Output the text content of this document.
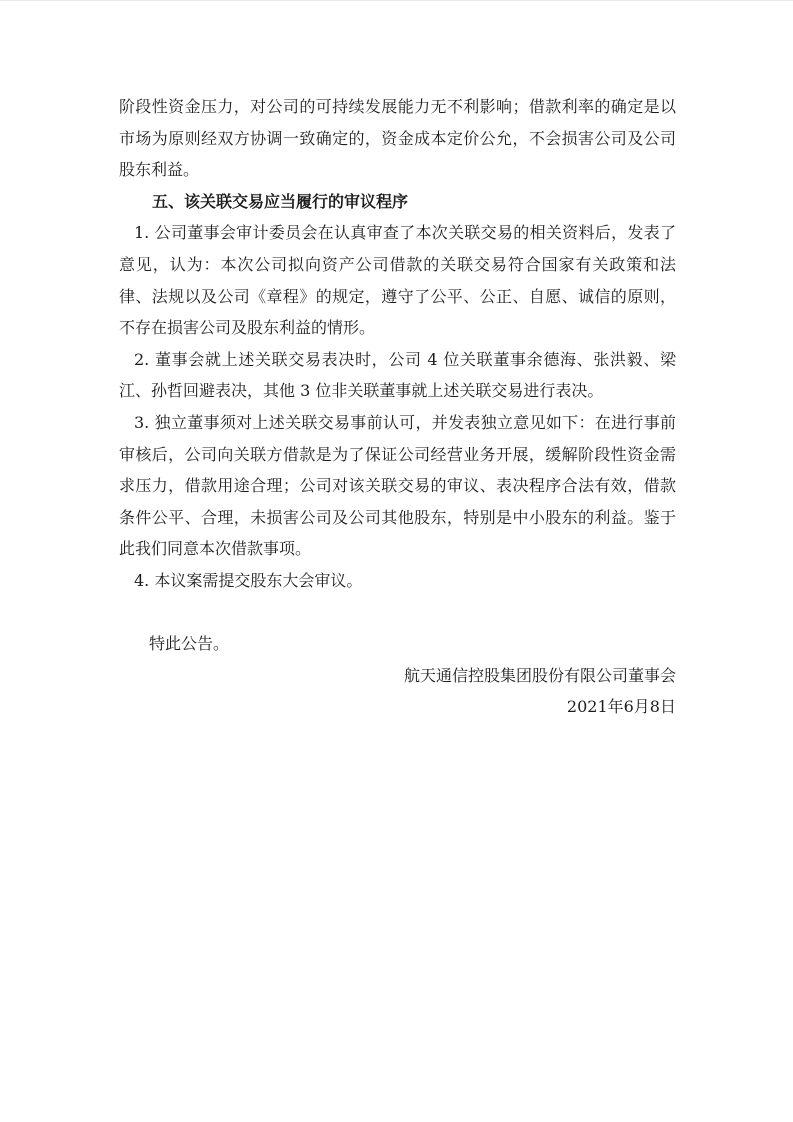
阶段性资金压力，对公司的可持续发展能力无不利影响；借款利率的确定是以市场为原则经双方协调一致确定的，资金成本定价公允，不会损害公司及公司股东利益。

五、该关联交易应当履行的审议程序

1. 公司董事会审计委员会在认真审查了本次关联交易的相关资料后，发表了意见，认为：本次公司拟向资产公司借款的关联交易符合国家有关政策和法律、法规以及公司《章程》的规定，遵守了公平、公正、自愿、诚信的原则，不存在损害公司及股东利益的情形。

2. 董事会就上述关联交易表决时，公司 4 位关联董事余德海、张洪毅、梁江、孙哲回避表决，其他 3 位非关联董事就上述关联交易进行表决。

3. 独立董事须对上述关联交易事前认可，并发表独立意见如下：在进行事前审核后，公司向关联方借款是为了保证公司经营业务开展，缓解阶段性资金需求压力，借款用途合理；公司对该关联交易的审议、表决程序合法有效，借款条件公平、合理，未损害公司及公司其他股东，特别是中小股东的利益。鉴于此我们同意本次借款事项。

4. 本议案需提交股东大会审议。

特此公告。

航天通信控股集团股份有限公司董事会

2021年6月8日
